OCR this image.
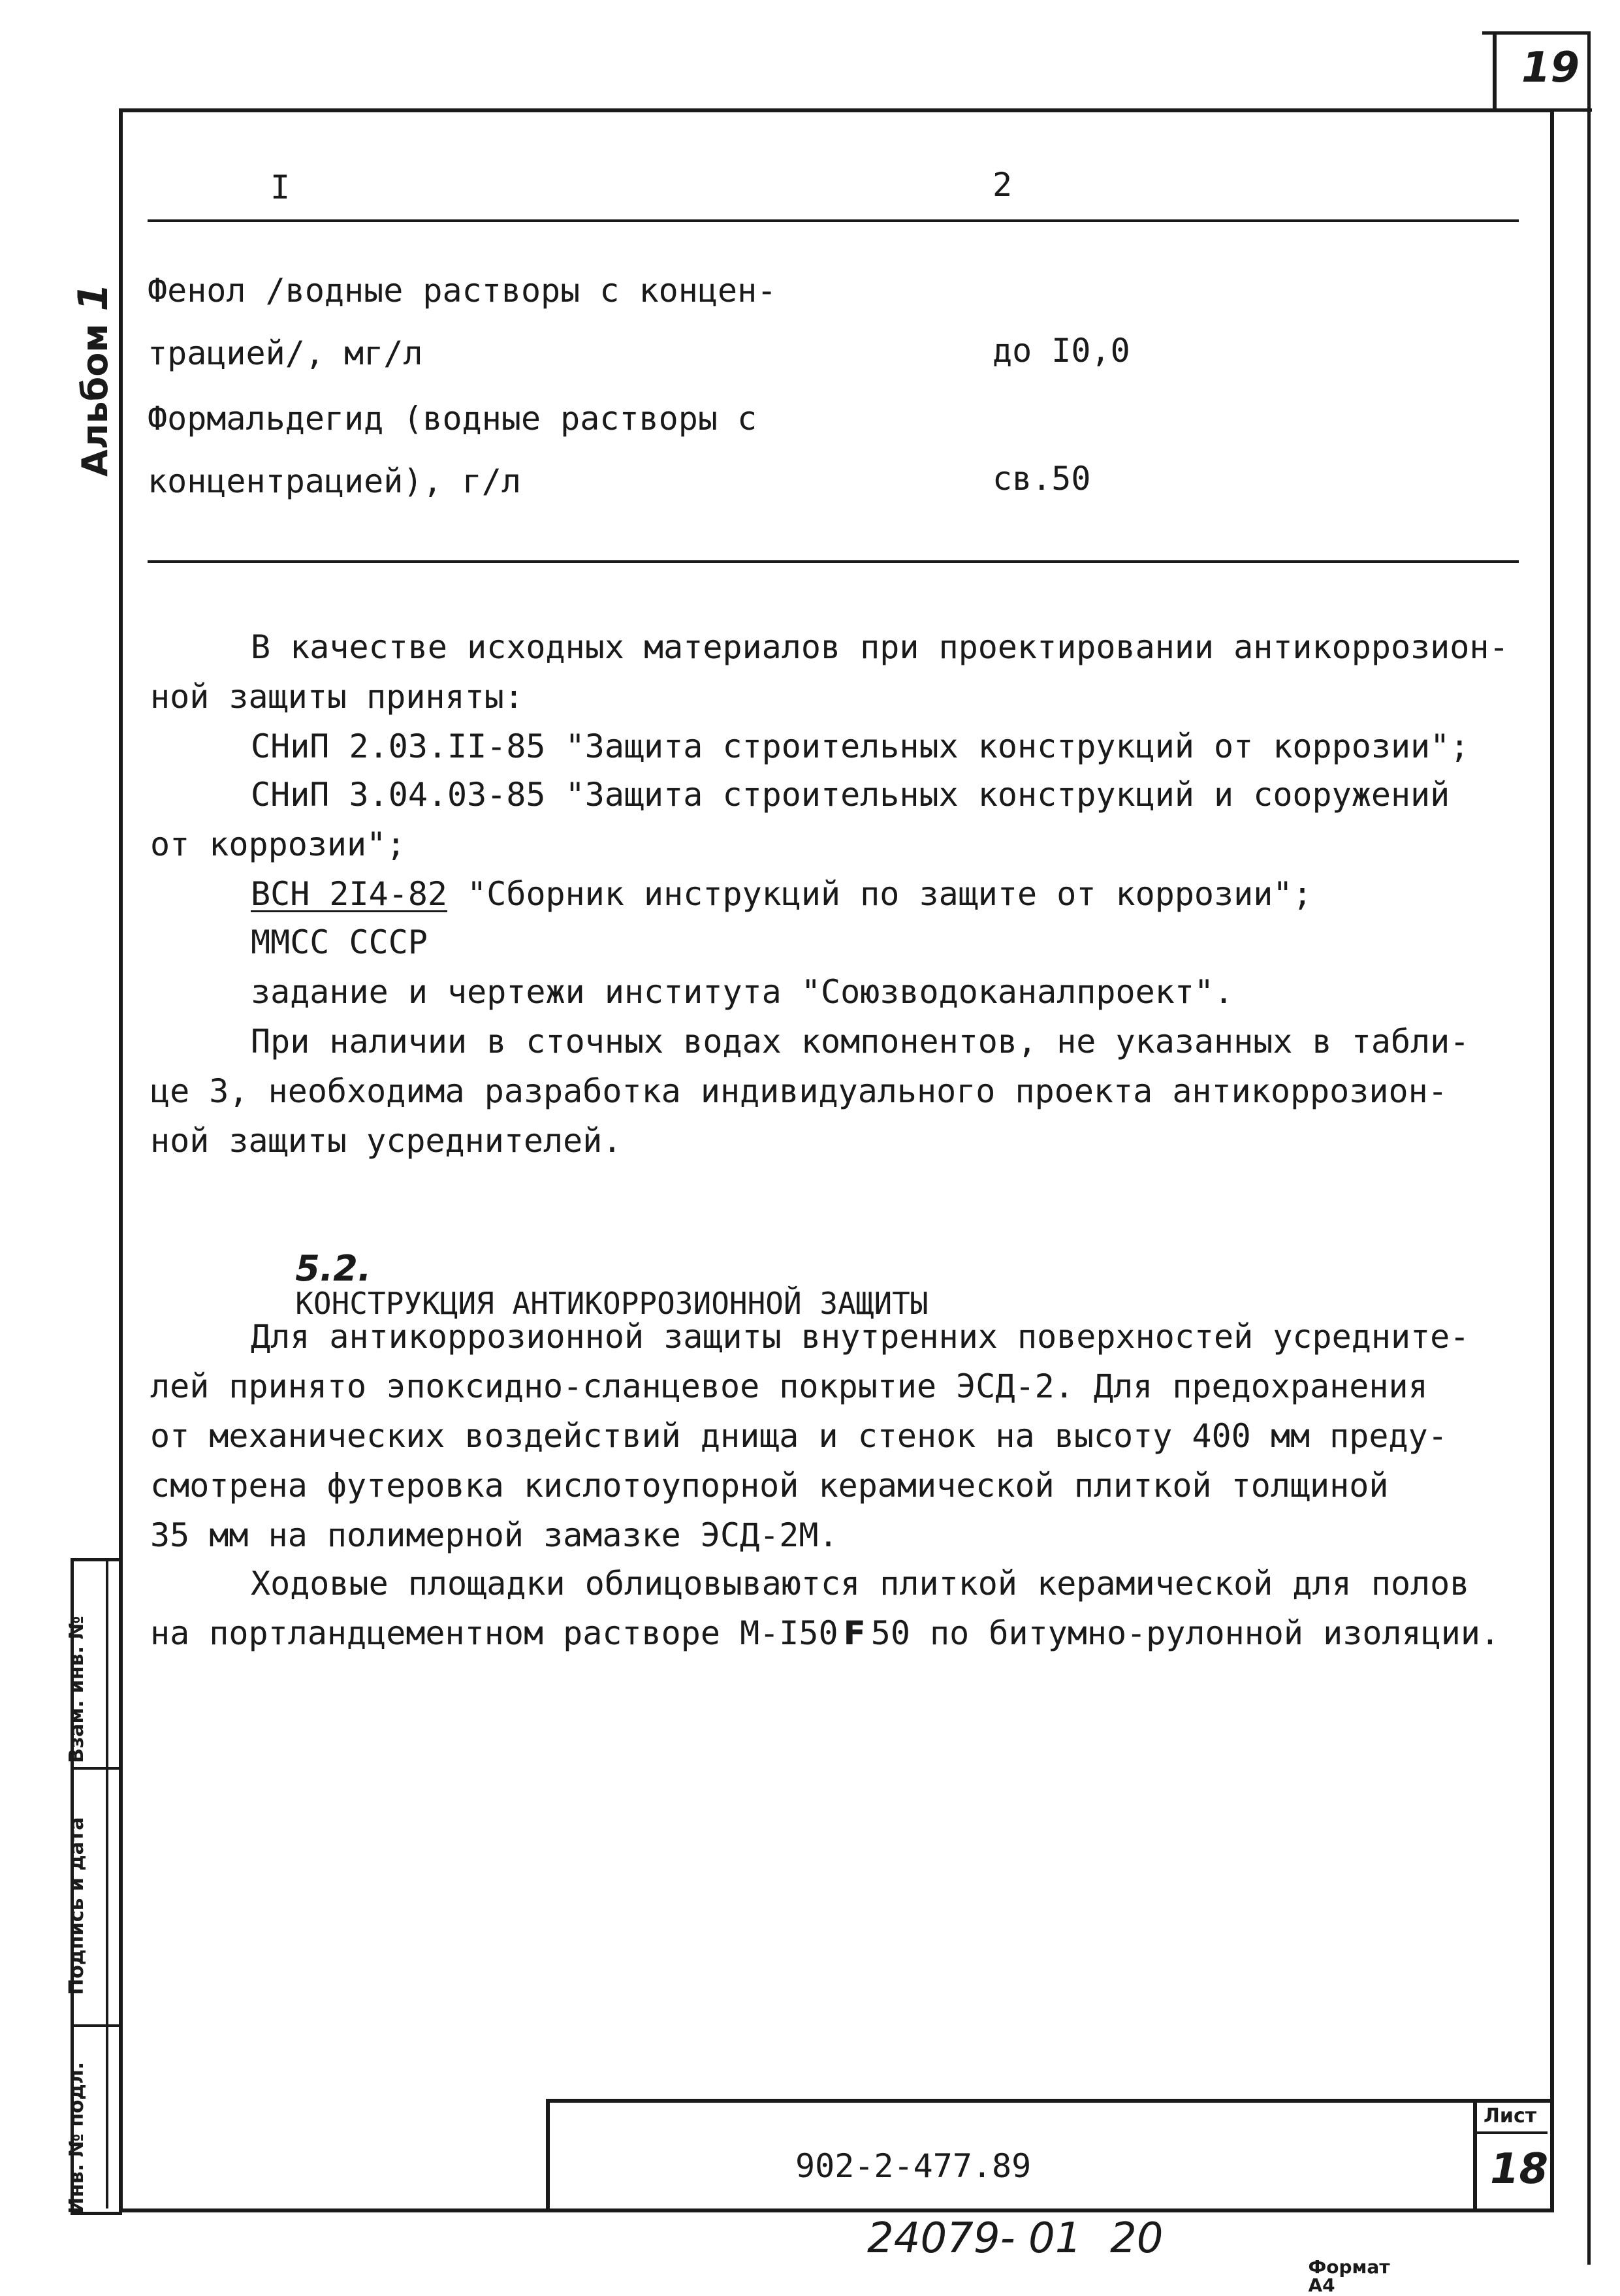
19
Альбом 1
Взам. инв. №
Подпись и дата
Инв. № подл.
I	2
Фенол /водные растворы с концен-
трацией/, мг/л	до I0,0
Формальдегид (водные растворы с
концентрацией), г/л	св.50
В качестве исходных материалов при проектировании антикоррозион-
ной защиты приняты:
СНиП 2.03.II-85 "Защита строительных конструкций от коррозии";
СНиП 3.04.03-85 "Защита строительных конструкций и сооружений
от коррозии";
ВСН 2I4-82 "Сборник инструкций по защите от коррозии";
ММСС СССР
задание и чертежи института "Союзводоканалпроект".
При наличии в сточных водах компонентов, не указанных в табли-
це 3, необходима разработка индивидуального проекта антикоррозион-
ной защиты усреднителей.

5.2.
КОНСТРУКЦИЯ АНТИКОРРОЗИОННОЙ ЗАЩИТЫ

Для антикоррозионной защиты внутренних поверхностей усредните-
лей принято эпоксидно-сланцевое покрытие ЭСД-2. Для предохранения
от механических воздействий днища и стенок на высоту 400 мм преду-
смотрена футеровка кислотоупорной керамической плиткой толщиной
35 мм на полимерной замазке ЭСД-2М.
Ходовые площадки облицовываются плиткой керамической для полов
на портландцементном растворе М-I50 F 50 по битумно-рулонной изоляции.
902-2-477.89
Лист
18
24079- 01 20

Формат
А4
